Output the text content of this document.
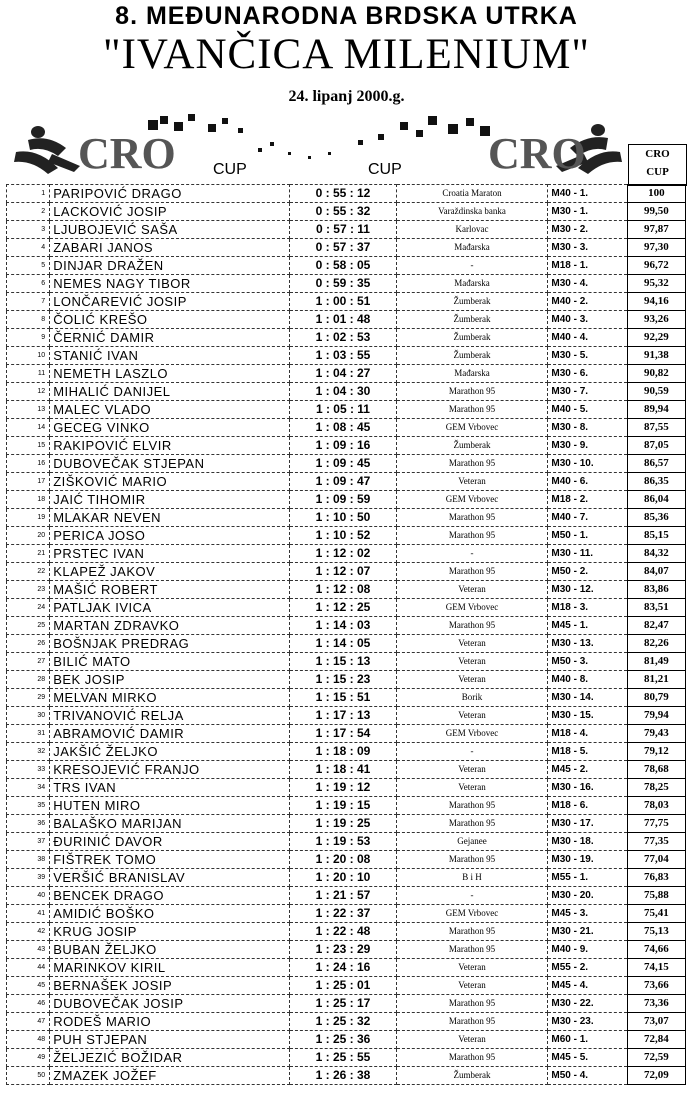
8. MEĐUNARODNA BRDSKA UTRKA
"IVANČICA MILENIUM"
24. lipanj 2000.g.
CRO	CRO
CUP	CUP
CRO
CUP
1	PARIPOVIĆ DRAGO	0 : 55 : 12	Croatia Maraton	M40 - 1.	100
2	LACKOVIĆ JOSIP	0 : 55 : 32	Varaždinska banka	M30 - 1.	99,50
3	LJUBOJEVIĆ SAŠA	0 : 57 : 11	Karlovac	M30 - 2.	97,87
4	ZABARI JANOS	0 : 57 : 37	Mađarska	M30 - 3.	97,30
5	DINJAR DRAŽEN	0 : 58 : 05	-	M18 - 1.	96,72
6	NEMES NAGY TIBOR	0 : 59 : 35	Mađarska	M30 - 4.	95,32
7	LONČAREVIĆ JOSIP	1 : 00 : 51	Žumberak	M40 - 2.	94,16
8	ČOLIĆ KREŠO	1 : 01 : 48	Žumberak	M40 - 3.	93,26
9	ČERNIĆ DAMIR	1 : 02 : 53	Žumberak	M40 - 4.	92,29
10	STANIĆ IVAN	1 : 03 : 55	Žumberak	M30 - 5.	91,38
11	NEMETH LASZLO	1 : 04 : 27	Mađarska	M30 - 6.	90,82
12	MIHALIĆ DANIJEL	1 : 04 : 30	Marathon 95	M30 - 7.	90,59
13	MALEC VLADO	1 : 05 : 11	Marathon 95	M40 - 5.	89,94
14	GECEG VINKO	1 : 08 : 45	GEM Vrbovec	M30 - 8.	87,55
15	RAKIPOVIĆ ELVIR	1 : 09 : 16	Žumberak	M30 - 9.	87,05
16	DUBOVEČAK STJEPAN	1 : 09 : 45	Marathon 95	M30 - 10.	86,57
17	ZIŠKOVIĆ MARIO	1 : 09 : 47	Veteran	M40 - 6.	86,35
18	JAIĆ TIHOMIR	1 : 09 : 59	GEM Vrbovec	M18 - 2.	86,04
19	MLAKAR NEVEN	1 : 10 : 50	Marathon 95	M40 - 7.	85,36
20	PERICA JOSO	1 : 10 : 52	Marathon 95	M50 - 1.	85,15
21	PRSTEC IVAN	1 : 12 : 02	-	M30 - 11.	84,32
22	KLAPEŽ JAKOV	1 : 12 : 07	Marathon 95	M50 - 2.	84,07
23	MAŠIĆ ROBERT	1 : 12 : 08	Veteran	M30 - 12.	83,86
24	PATLJAK IVICA	1 : 12 : 25	GEM Vrbovec	M18 - 3.	83,51
25	MARTAN ZDRAVKO	1 : 14 : 03	Marathon 95	M45 - 1.	82,47
26	BOŠNJAK PREDRAG	1 : 14 : 05	Veteran	M30 - 13.	82,26
27	BILIĆ MATO	1 : 15 : 13	Veteran	M50 - 3.	81,49
28	BEK JOSIP	1 : 15 : 23	Veteran	M40 - 8.	81,21
29	MELVAN MIRKO	1 : 15 : 51	Borik	M30 - 14.	80,79
30	TRIVANOVIĆ RELJA	1 : 17 : 13	Veteran	M30 - 15.	79,94
31	ABRAMOVIĆ DAMIR	1 : 17 : 54	GEM Vrbovec	M18 - 4.	79,43
32	JAKŠIĆ ŽELJKO	1 : 18 : 09	-	M18 - 5.	79,12
33	KRESOJEVIĆ FRANJO	1 : 18 : 41	Veteran	M45 - 2.	78,68
34	TRS IVAN	1 : 19 : 12	Veteran	M30 - 16.	78,25
35	HUTEN MIRO	1 : 19 : 15	Marathon 95	M18 - 6.	78,03
36	BALAŠKO MARIJAN	1 : 19 : 25	Marathon 95	M30 - 17.	77,75
37	ĐURINIĆ DAVOR	1 : 19 : 53	Gejanee	M30 - 18.	77,35
38	FIŠTREK TOMO	1 : 20 : 08	Marathon 95	M30 - 19.	77,04
39	VERŠIĆ BRANISLAV	1 : 20 : 10	B i H	M55 - 1.	76,83
40	BENCEK DRAGO	1 : 21 : 57	-	M30 - 20.	75,88
41	AMIDIĆ BOŠKO	1 : 22 : 37	GEM Vrbovec	M45 - 3.	75,41
42	KRUG JOSIP	1 : 22 : 48	Marathon 95	M30 - 21.	75,13
43	BUBAN ŽELJKO	1 : 23 : 29	Marathon 95	M40 - 9.	74,66
44	MARINKOV KIRIL	1 : 24 : 16	Veteran	M55 - 2.	74,15
45	BERNAŠEK JOSIP	1 : 25 : 01	Veteran	M45 - 4.	73,66
46	DUBOVEČAK JOSIP	1 : 25 : 17	Marathon 95	M30 - 22.	73,36
47	RODEŠ MARIO	1 : 25 : 32	Marathon 95	M30 - 23.	73,07
48	PUH STJEPAN	1 : 25 : 36	Veteran	M60 - 1.	72,84
49	ŽELJEZIĆ BOŽIDAR	1 : 25 : 55	Marathon 95	M45 - 5.	72,59
50	ZMAZEK JOŽEF	1 : 26 : 38	Žumberak	M50 - 4.	72,09
